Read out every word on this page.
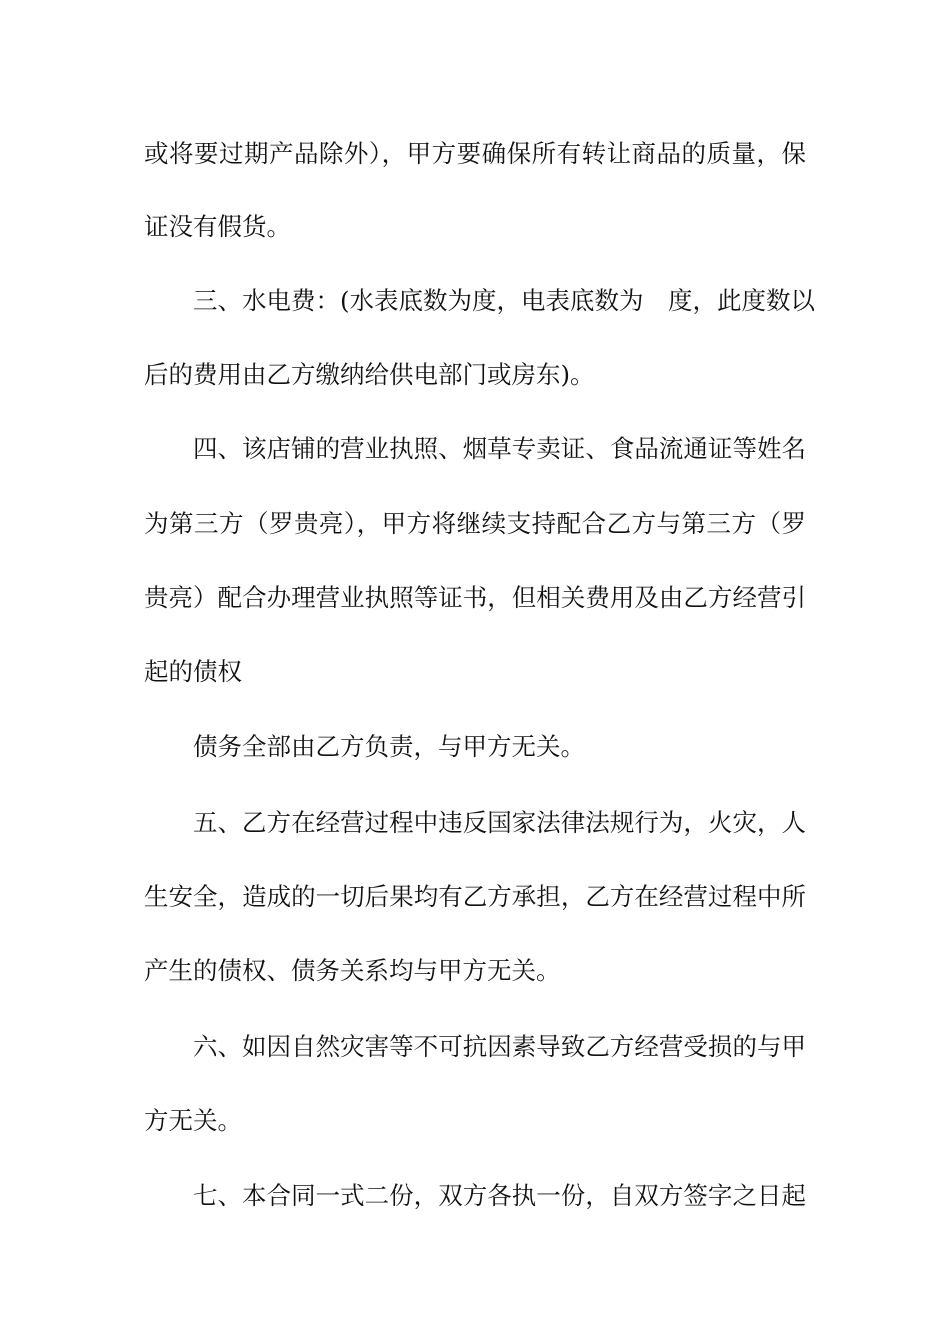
或将要过期产品除外），甲方要确保所有转让商品的质量，保
证没有假货。
三、水电费：(水表底数为度，电表底数为　度，此度数以
后的费用由乙方缴纳给供电部门或房东)。
四、该店铺的营业执照、烟草专卖证、食品流通证等姓名
为第三方（罗贵亮），甲方将继续支持配合乙方与第三方（罗
贵亮）配合办理营业执照等证书，但相关费用及由乙方经营引
起的债权
债务全部由乙方负责，与甲方无关。
五、乙方在经营过程中违反国家法律法规行为，火灾，人
生安全，造成的一切后果均有乙方承担，乙方在经营过程中所
产生的债权、债务关系均与甲方无关。
六、如因自然灾害等不可抗因素导致乙方经营受损的与甲
方无关。
七、本合同一式二份，双方各执一份，自双方签字之日起
